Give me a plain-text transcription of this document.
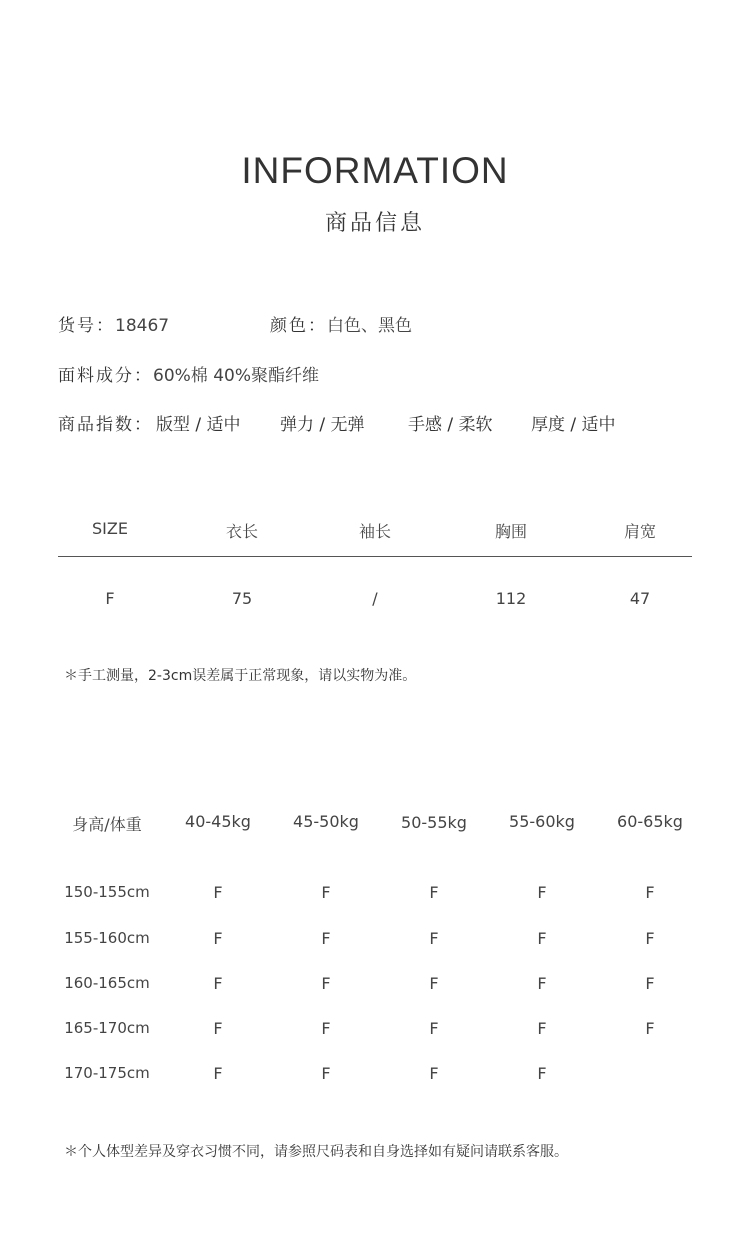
INFORMATION
商品信息
货号：18467	颜色：白色、黑色
面料成分：60%棉 40%聚酯纤维
商品指数： 版型 / 适中 弹力 / 无弹	手感 / 柔软 厚度 / 适中
SIZE	衣长	袖长	胸围	肩宽
F	75	/	112	47
＊手工测量，2-3cm误差属于正常现象，请以实物为准。
身高/体重	40-45kg	45-50kg	50-55kg	55-60kg	60-65kg
150-155cm	F	F	F	F	F
155-160cm	F	F	F	F	F
160-165cm	F	F	F	F	F
165-170cm	F	F	F	F	F
170-175cm	F	F	F	F
＊个人体型差异及穿衣习惯不同，请参照尺码表和自身选择如有疑问请联系客服。
